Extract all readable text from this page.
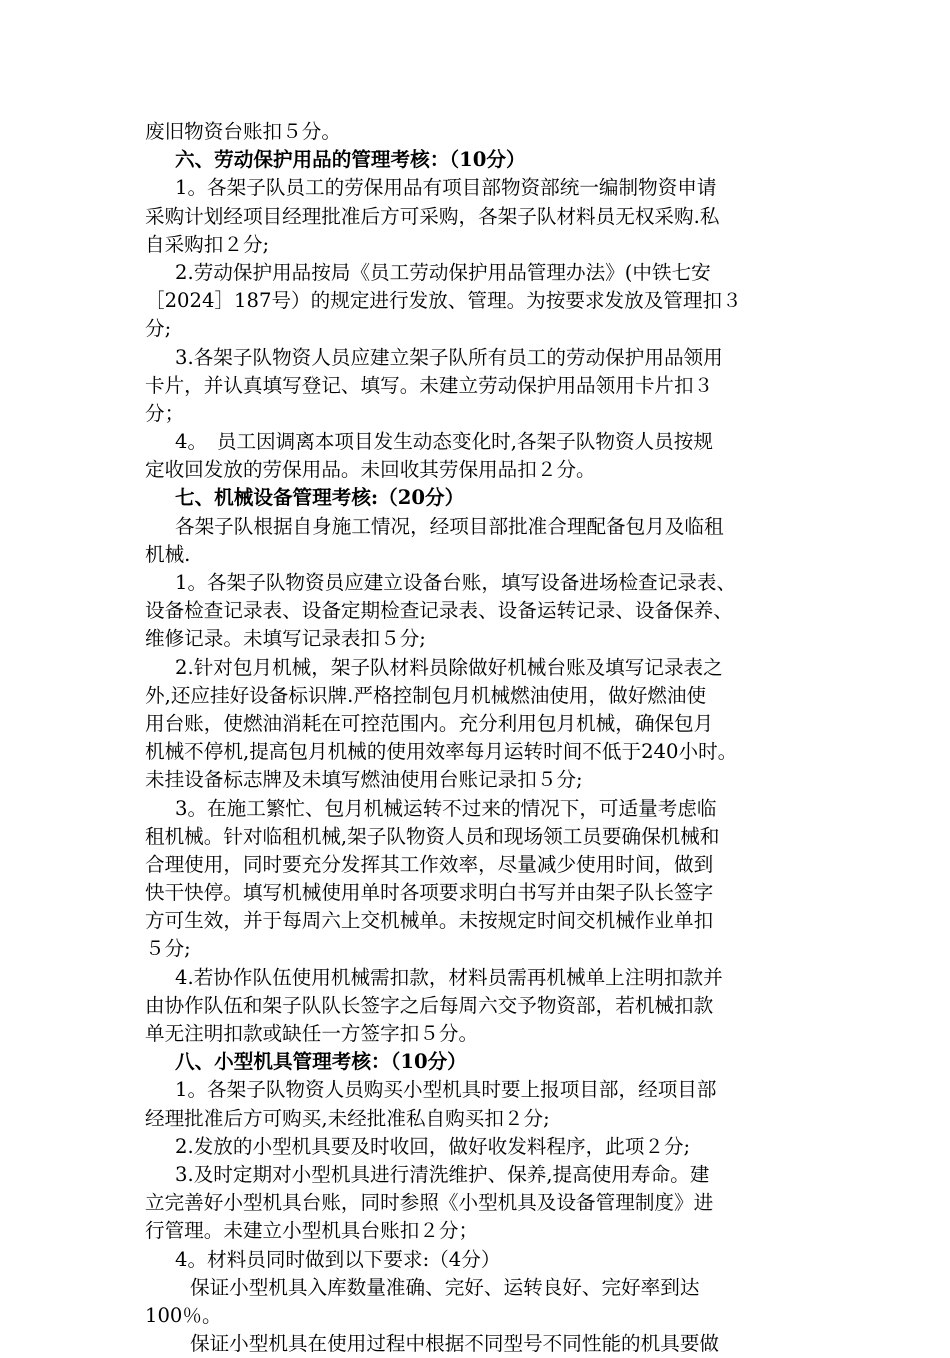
废旧物资台账扣５分。
六、劳动保护用品的管理考核：（10分）
1。各架子队员工的劳保用品有项目部物资部统一编制物资申请
采购计划经项目经理批准后方可采购，各架子队材料员无权采购.私
自采购扣２分;
2.劳动保护用品按局《员工劳动保护用品管理办法》(中铁七安
［2024］187号）的规定进行发放、管理。为按要求发放及管理扣３
分;
3.各架子队物资人员应建立架子队所有员工的劳动保护用品领用
卡片，并认真填写登记、填写。未建立劳动保护用品领用卡片扣３
分；
4。　员工因调离本项目发生动态变化时,各架子队物资人员按规
定收回发放的劳保用品。未回收其劳保用品扣２分。
七、机械设备管理考核:（20分）
各架子队根据自身施工情况，经项目部批准合理配备包月及临租
机械.
1。各架子队物资员应建立设备台账，填写设备进场检查记录表、
设备检查记录表、设备定期检查记录表、设备运转记录、设备保养、
维修记录。未填写记录表扣５分;
2.针对包月机械，架子队材料员除做好机械台账及填写记录表之
外,还应挂好设备标识牌.严格控制包月机械燃油使用，做好燃油使
用台账，使燃油消耗在可控范围内。充分利用包月机械，确保包月
机械不停机,提高包月机械的使用效率每月运转时间不低于240小时。
未挂设备标志牌及未填写燃油使用台账记录扣５分;
3。在施工繁忙、包月机械运转不过来的情况下，可适量考虑临
租机械。针对临租机械,架子队物资人员和现场领工员要确保机械和
合理使用，同时要充分发挥其工作效率，尽量减少使用时间，做到
快干快停。填写机械使用单时各项要求明白书写并由架子队长签字
方可生效，并于每周六上交机械单。未按规定时间交机械作业单扣
５分;
4.若协作队伍使用机械需扣款，材料员需再机械单上注明扣款并
由协作队伍和架子队队长签字之后每周六交予物资部，若机械扣款
单无注明扣款或缺任一方签字扣５分。
八、小型机具管理考核：（10分）
1。各架子队物资人员购买小型机具时要上报项目部，经项目部
经理批准后方可购买,未经批准私自购买扣２分;
2.发放的小型机具要及时收回，做好收发料程序，此项２分;
3.及时定期对小型机具进行清洗维护、保养,提高使用寿命。建
立完善好小型机具台账，同时参照《小型机具及设备管理制度》进
行管理。未建立小型机具台账扣２分；
4。材料员同时做到以下要求:（4分）
保证小型机具入库数量准确、完好、运转良好、完好率到达
100％。
保证小型机具在使用过程中根据不同型号不同性能的机具要做
